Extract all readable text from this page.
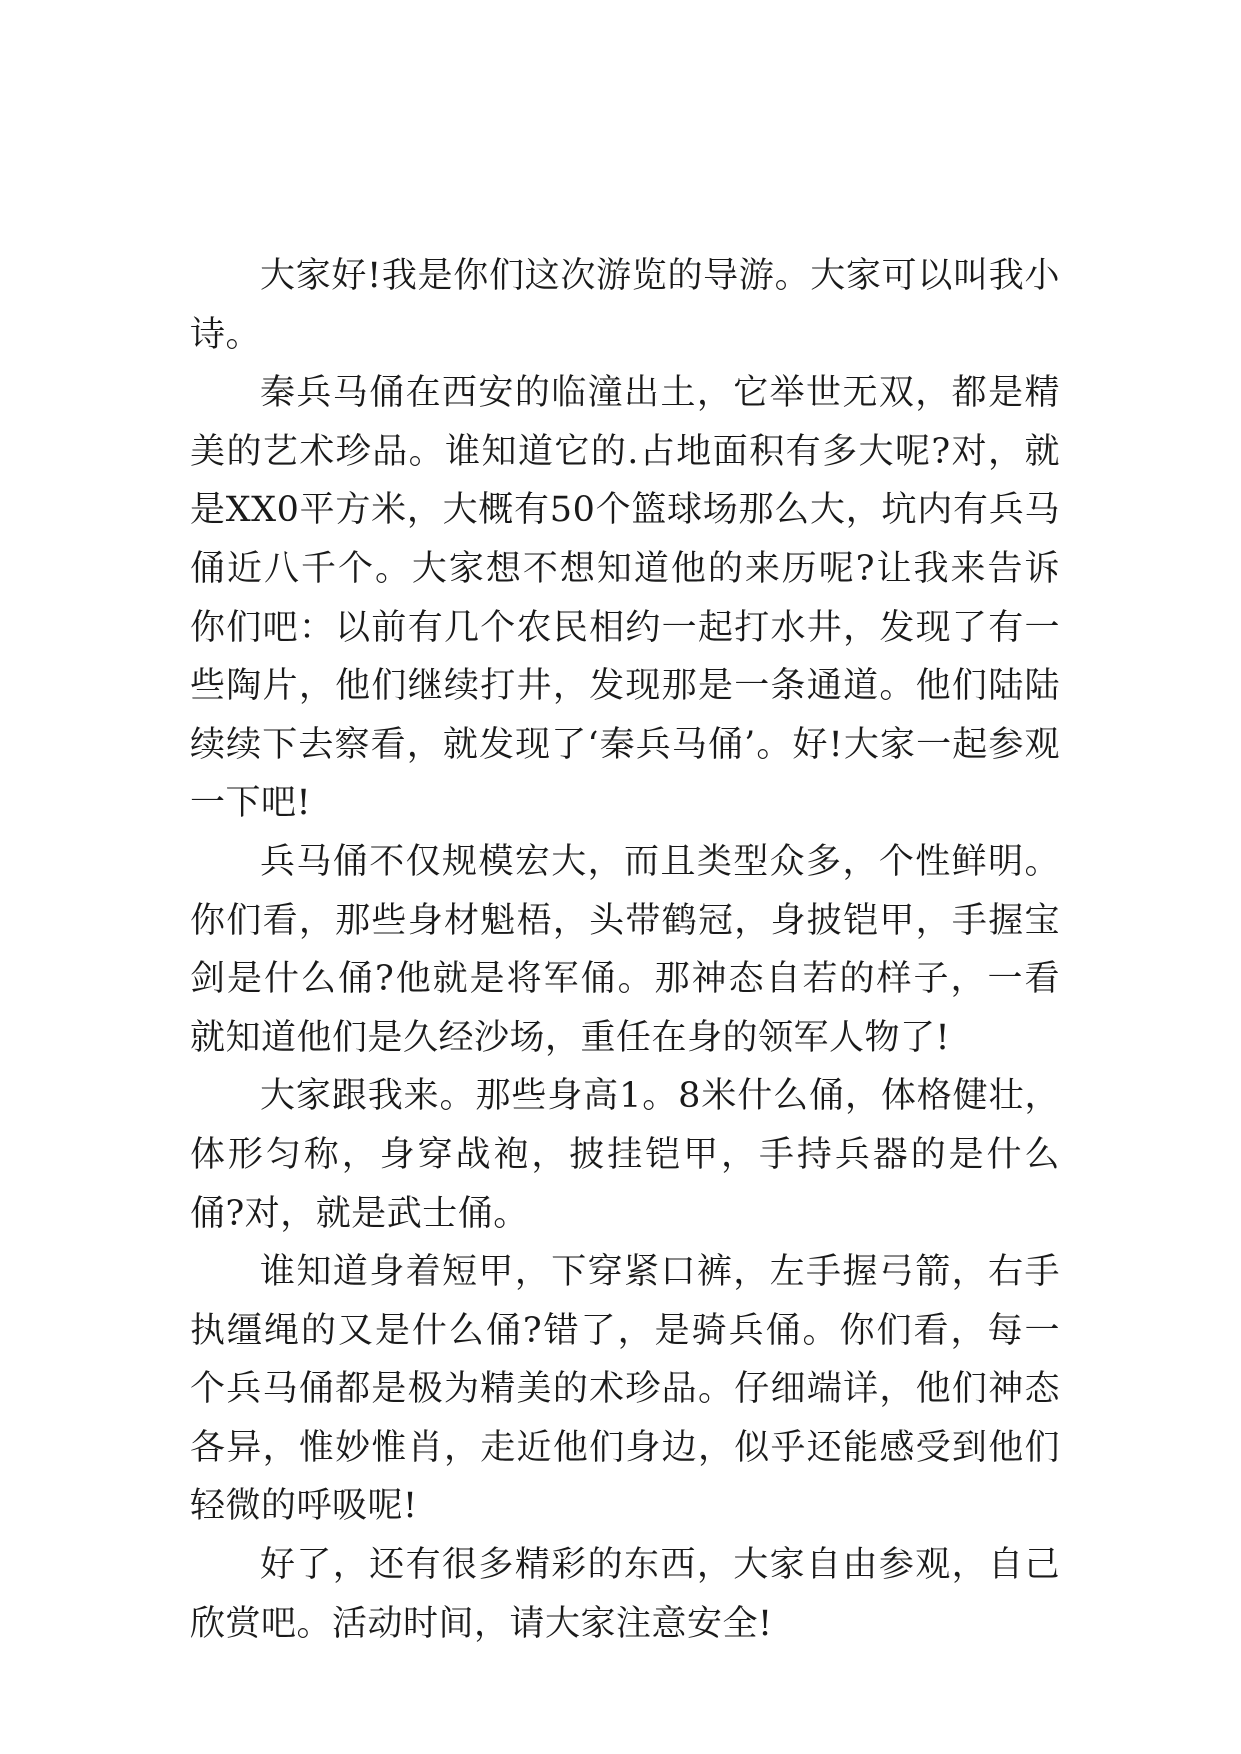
大家好!我是你们这次游览的导游。大家可以叫我小诗。

秦兵马俑在西安的临潼出土，它举世无双，都是精美的艺术珍品。谁知道它的.占地面积有多大呢?对，就是XX0平方米，大概有50个篮球场那么大，坑内有兵马俑近八千个。大家想不想知道他的来历呢?让我来告诉你们吧：以前有几个农民相约一起打水井，发现了有一些陶片，他们继续打井，发现那是一条通道。他们陆陆续续下去察看，就发现了‘秦兵马俑’。好!大家一起参观一下吧!

兵马俑不仅规模宏大，而且类型众多，个性鲜明。你们看，那些身材魁梧，头带鹤冠，身披铠甲，手握宝剑是什么俑?他就是将军俑。那神态自若的样子，一看就知道他们是久经沙场，重任在身的领军人物了!

大家跟我来。那些身高1。8米什么俑，体格健壮，体形匀称，身穿战袍，披挂铠甲，手持兵器的是什么俑?对，就是武士俑。

谁知道身着短甲，下穿紧口裤，左手握弓箭，右手执缰绳的又是什么俑?错了，是骑兵俑。你们看，每一个兵马俑都是极为精美的术珍品。仔细端详，他们神态各异，惟妙惟肖，走近他们身边，似乎还能感受到他们轻微的呼吸呢!

好了，还有很多精彩的东西，大家自由参观，自己欣赏吧。活动时间，请大家注意安全!
